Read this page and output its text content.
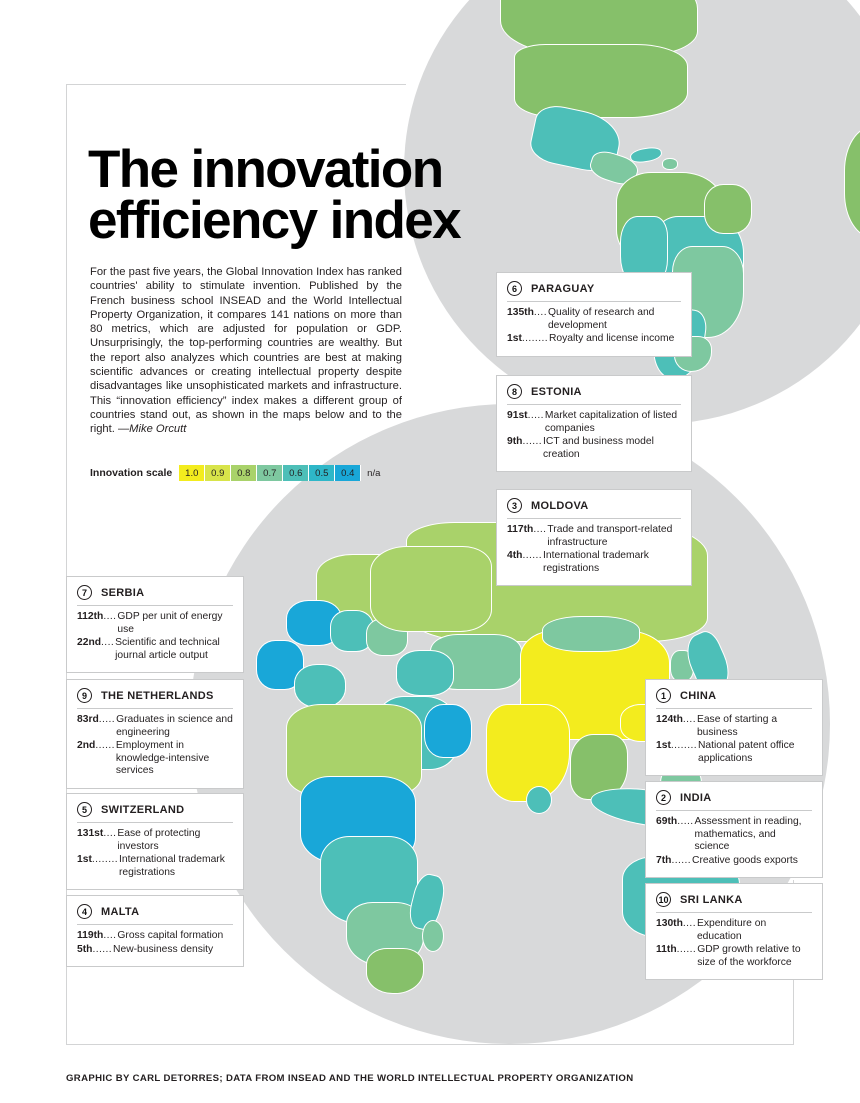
The innovation
efficiency index
For the past five years, the Global Innovation Index has ranked countries' ability to stimulate invention. Published by the French business school INSEAD and the World Intellectual Property Organization, it compares 141 nations on more than 80 metrics, which are adjusted for population or GDP. Unsurprisingly, the top-performing countries are wealthy. But the report also analyzes which countries are best at making scientific advances or creating intellectual property despite disadvantages like unsophisticated markets and infrastructure. This “innovation efficiency” index makes a different group of countries stand out, as shown in the maps below and to the right. —Mike Orcutt
Innovation scale	1.0	0.9	0.8	0.7	0.6	0.5	0.4	n/a
6	PARAGUAY
135th .... Quality of research and development
1st ........ Royalty and license income
8	ESTONIA
91st ..... Market capitalization of listed companies
9th ...... ICT and business model creation
3	MOLDOVA
117th .... Trade and transport-related infrastructure
4th ...... International trademark registrations
7	SERBIA
112th .... GDP per unit of energy use
22nd .... Scientific and technical journal article output
9	THE NETHERLANDS
83rd ..... Graduates in science and engineering
2nd ...... Employment in knowledge-intensive services
5	SWITZERLAND
131st .... Ease of protecting investors
1st ........ International trademark registrations
4	MALTA
119th .... Gross capital formation
5th ...... New-business density
1	CHINA
124th .... Ease of starting a business
1st ........ National patent office applications
2	INDIA
69th ..... Assessment in reading, mathematics, and science
7th ...... Creative goods exports
10 SRI LANKA
130th .... Expenditure on education
11th ...... GDP growth relative to size of the workforce
GRAPHIC BY CARL DETORRES; DATA FROM INSEAD AND THE WORLD INTELLECTUAL PROPERTY ORGANIZATION
